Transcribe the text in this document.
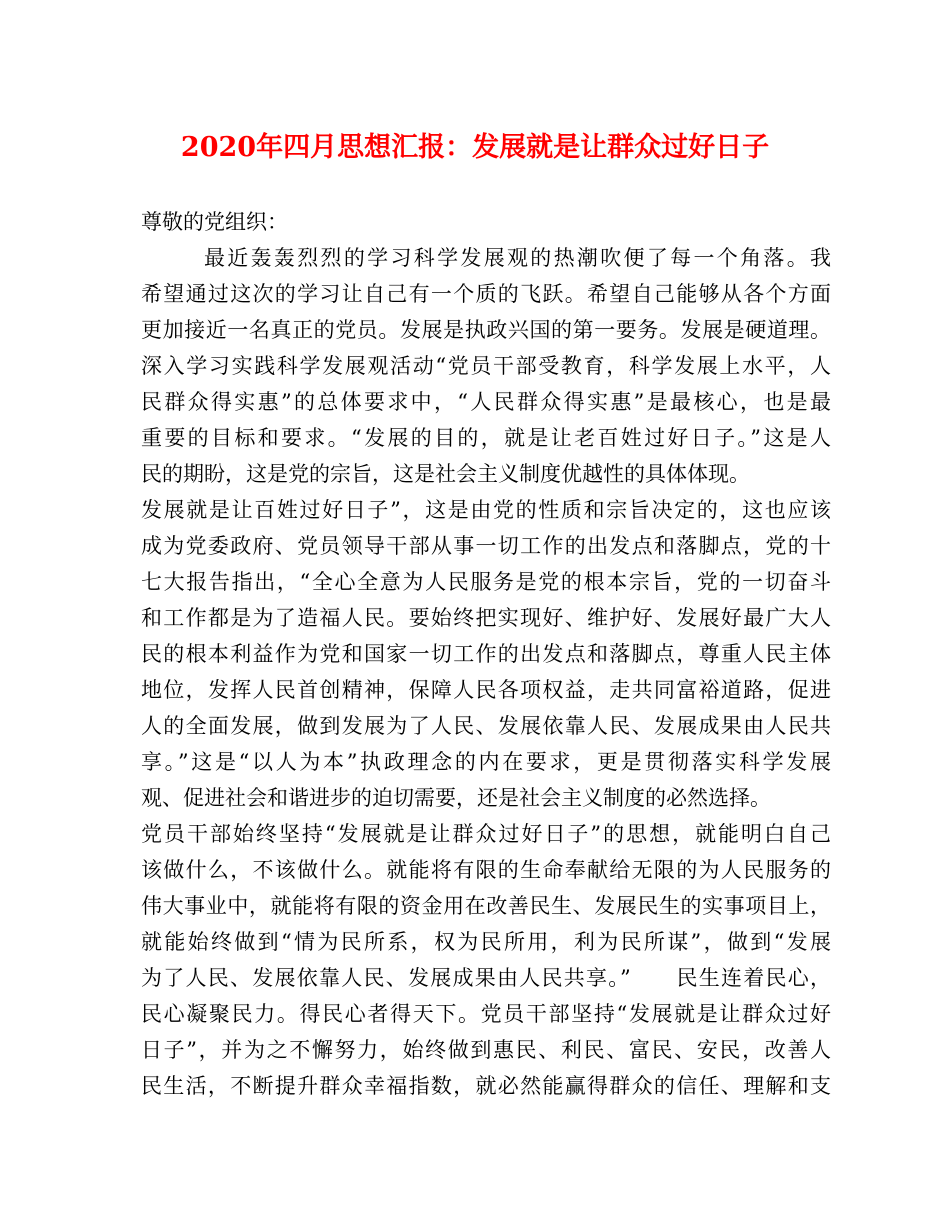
2020年四月思想汇报：发展就是让群众过好日子

尊敬的党组织：

最近轰轰烈烈的学习科学发展观的热潮吹便了每一个角落。我
希望通过这次的学习让自己有一个质的飞跃。希望自己能够从各个方面
更加接近一名真正的党员。发展是执政兴国的第一要务。发展是硬道理。
深入学习实践科学发展观活动“党员干部受教育，科学发展上水平，人
民群众得实惠”的总体要求中，“人民群众得实惠”是最核心，也是最
重要的目标和要求。“发展的目的，就是让老百姓过好日子。”这是人
民的期盼，这是党的宗旨，这是社会主义制度优越性的具体体现。
发展就是让百姓过好日子”，这是由党的性质和宗旨决定的，这也应该
成为党委政府、党员领导干部从事一切工作的出发点和落脚点，党的十
七大报告指出，“全心全意为人民服务是党的根本宗旨，党的一切奋斗
和工作都是为了造福人民。要始终把实现好、维护好、发展好最广大人
民的根本利益作为党和国家一切工作的出发点和落脚点，尊重人民主体
地位，发挥人民首创精神，保障人民各项权益，走共同富裕道路，促进
人的全面发展，做到发展为了人民、发展依靠人民、发展成果由人民共
享。”这是“以人为本”执政理念的内在要求，更是贯彻落实科学发展
观、促进社会和谐进步的迫切需要，还是社会主义制度的必然选择。
党员干部始终坚持“发展就是让群众过好日子”的思想，就能明白自己
该做什么，不该做什么。就能将有限的生命奉献给无限的为人民服务的
伟大事业中，就能将有限的资金用在改善民生、发展民生的实事项目上，
就能始终做到“情为民所系，权为民所用，利为民所谋”，做到“发展
为了人民、发展依靠人民、发展成果由人民共享。”　　民生连着民心，
民心凝聚民力。得民心者得天下。党员干部坚持“发展就是让群众过好
日子”，并为之不懈努力，始终做到惠民、利民、富民、安民，改善人
民生活，不断提升群众幸福指数，就必然能赢得群众的信任、理解和支
